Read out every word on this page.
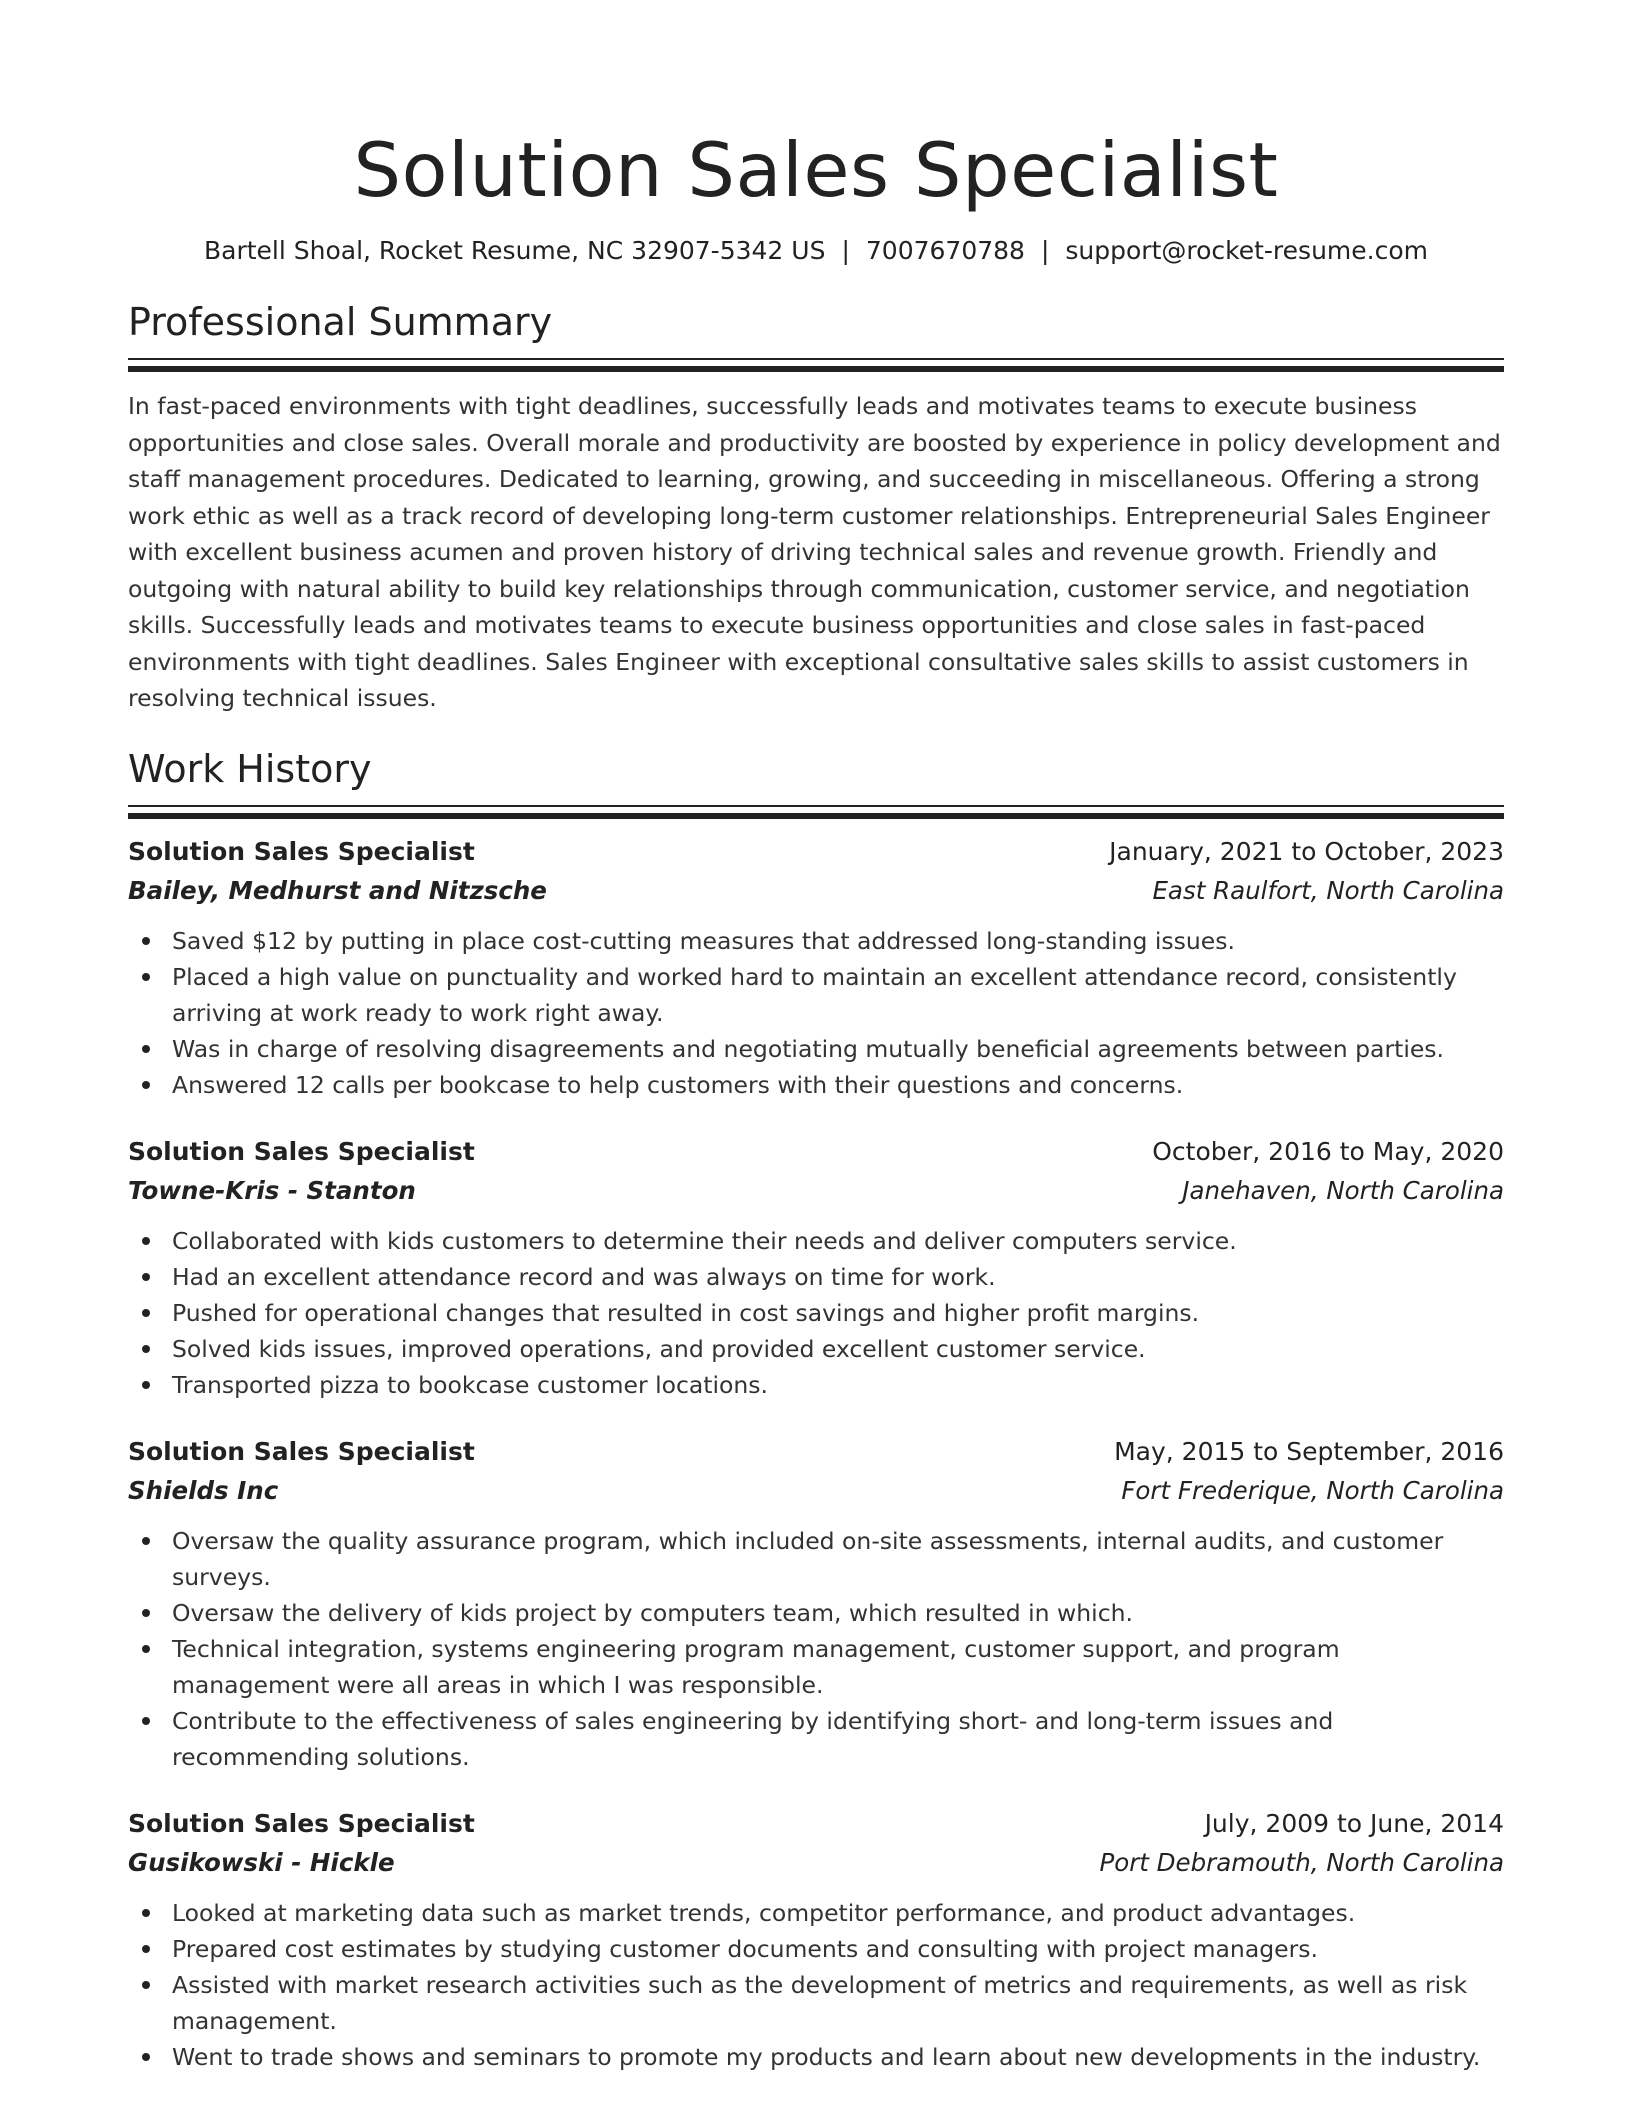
Solution Sales Specialist
Bartell Shoal, Rocket Resume, NC 32907-5342 US | 7007670788 | support@rocket-resume.com
Professional Summary

In fast-paced environments with tight deadlines, successfully leads and motivates teams to execute business opportunities and close sales. Overall morale and productivity are boosted by experience in policy development and staff management procedures. Dedicated to learning, growing, and succeeding in miscellaneous. Offering a strong work ethic as well as a track record of developing long-term customer relationships. Entrepreneurial Sales Engineer with excellent business acumen and proven history of driving technical sales and revenue growth. Friendly and outgoing with natural ability to build key relationships through communication, customer service, and negotiation skills. Successfully leads and motivates teams to execute business opportunities and close sales in fast-paced environments with tight deadlines. Sales Engineer with exceptional consultative sales skills to assist customers in resolving technical issues.

Work History
Solution Sales Specialist	January, 2021 to October, 2023
Bailey, Medhurst and Nitzsche	East Raulfort, North Carolina
Saved $12 by putting in place cost-cutting measures that addressed long-standing issues.
Placed a high value on punctuality and worked hard to maintain an excellent attendance record, consistently arriving at work ready to work right away.
Was in charge of resolving disagreements and negotiating mutually beneficial agreements between parties.
Answered 12 calls per bookcase to help customers with their questions and concerns.
Solution Sales Specialist	October, 2016 to May, 2020
Towne-Kris - Stanton	Janehaven, North Carolina
Collaborated with kids customers to determine their needs and deliver computers service.
Had an excellent attendance record and was always on time for work.
Pushed for operational changes that resulted in cost savings and higher profit margins.
Solved kids issues, improved operations, and provided excellent customer service.
Transported pizza to bookcase customer locations.
Solution Sales Specialist	May, 2015 to September, 2016
Shields Inc	Fort Frederique, North Carolina
Oversaw the quality assurance program, which included on-site assessments, internal audits, and customer surveys.
Oversaw the delivery of kids project by computers team, which resulted in which.
Technical integration, systems engineering program management, customer support, and program management were all areas in which I was responsible.
Contribute to the effectiveness of sales engineering by identifying short- and long-term issues and recommending solutions.
Solution Sales Specialist	July, 2009 to June, 2014
Gusikowski - Hickle	Port Debramouth, North Carolina
Looked at marketing data such as market trends, competitor performance, and product advantages.
Prepared cost estimates by studying customer documents and consulting with project managers.
Assisted with market research activities such as the development of metrics and requirements, as well as risk management.
Went to trade shows and seminars to promote my products and learn about new developments in the industry.
